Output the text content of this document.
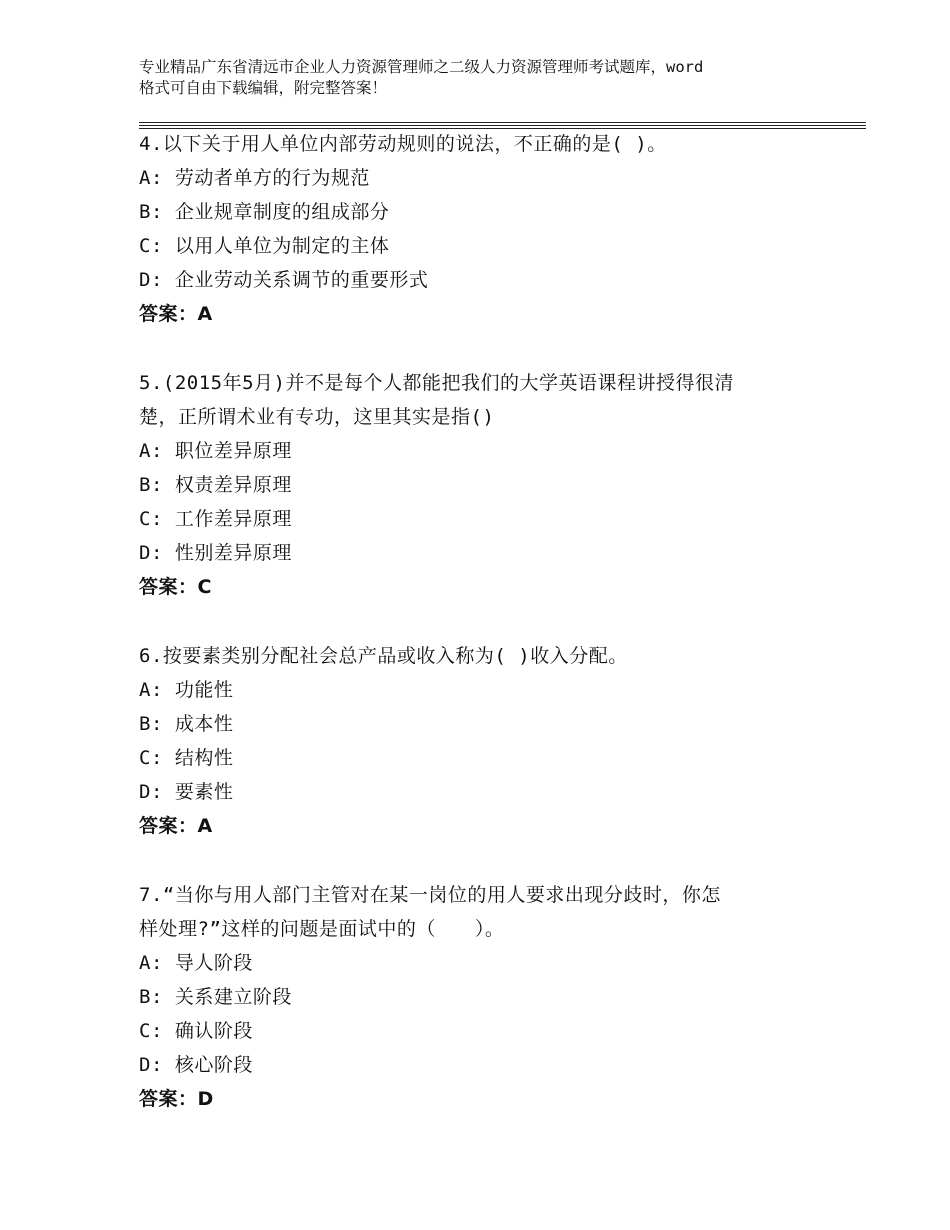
专业精品广东省清远市企业人力资源管理师之二级人力资源管理师考试题库，word
格式可自由下载编辑，附完整答案！
4.以下关于用人单位内部劳动规则的说法，不正确的是( )。
A: 劳动者单方的行为规范
B: 企业规章制度的组成部分
C: 以用人单位为制定的主体
D: 企业劳动关系调节的重要形式
答案：A
5.(2015年5月)并不是每个人都能把我们的大学英语课程讲授得很清
楚，正所谓术业有专功，这里其实是指()
A: 职位差异原理
B: 权责差异原理
C: 工作差异原理
D: 性别差异原理
答案：C
6.按要素类别分配社会总产品或收入称为( )收入分配。
A: 功能性
B: 成本性
C: 结构性
D: 要素性
答案：A
7.“当你与用人部门主管对在某一岗位的用人要求出现分歧时，你怎
样处理?”这样的问题是面试中的（　　）。
A: 导人阶段
B: 关系建立阶段
C: 确认阶段
D: 核心阶段
答案：D
